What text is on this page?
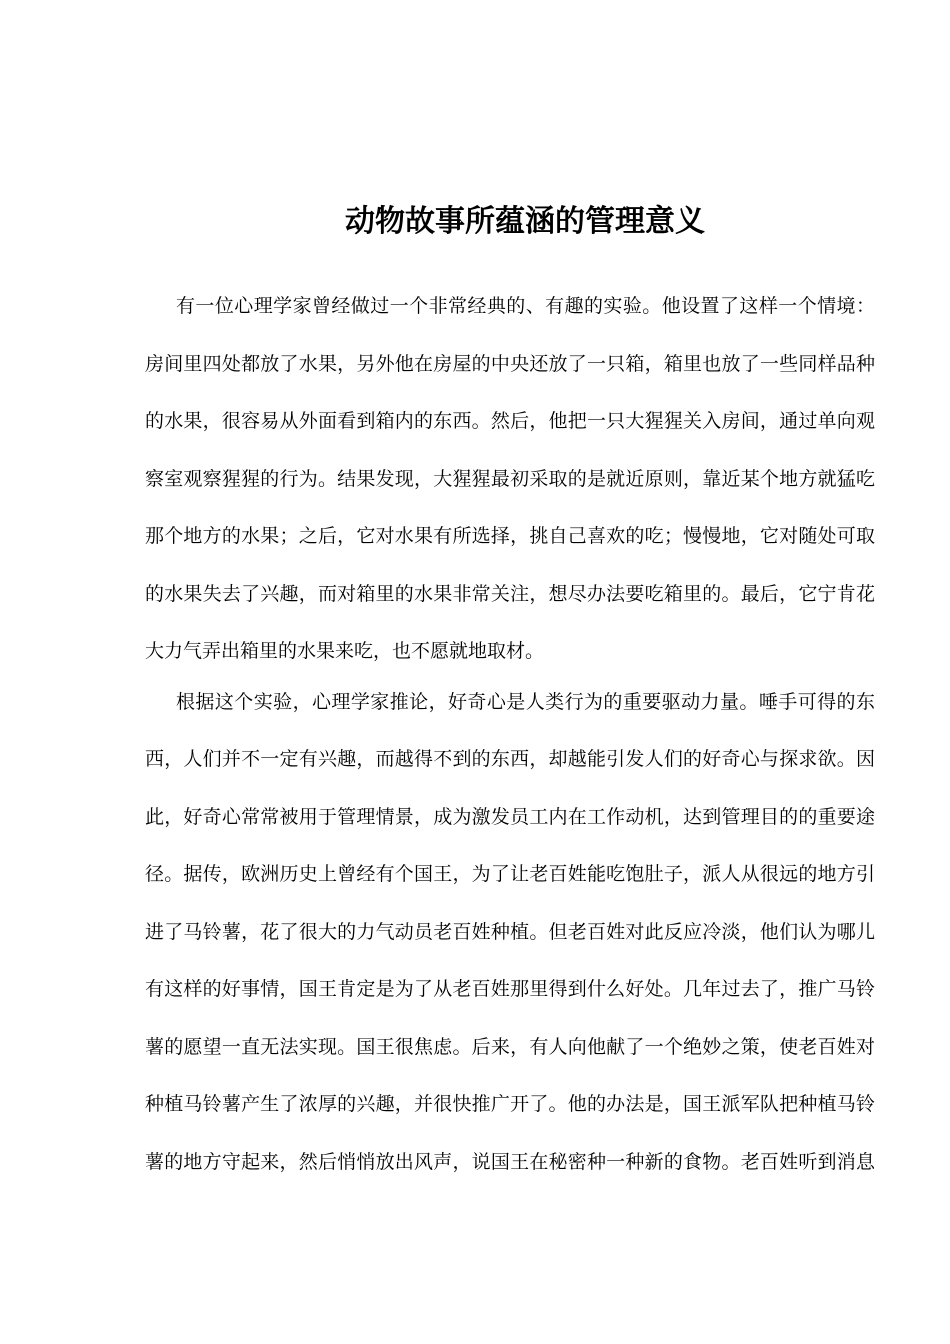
动物故事所蕴涵的管理意义
有一位心理学家曾经做过一个非常经典的、有趣的实验。他设置了这样一个情境：
房间里四处都放了水果，另外他在房屋的中央还放了一只箱，箱里也放了一些同样品种
的水果，很容易从外面看到箱内的东西。然后，他把一只大猩猩关入房间，通过单向观
察室观察猩猩的行为。结果发现，大猩猩最初采取的是就近原则，靠近某个地方就猛吃
那个地方的水果；之后，它对水果有所选择，挑自己喜欢的吃；慢慢地，它对随处可取
的水果失去了兴趣，而对箱里的水果非常关注，想尽办法要吃箱里的。最后，它宁肯花
大力气弄出箱里的水果来吃，也不愿就地取材。
根据这个实验，心理学家推论，好奇心是人类行为的重要驱动力量。唾手可得的东
西，人们并不一定有兴趣，而越得不到的东西，却越能引发人们的好奇心与探求欲。因
此，好奇心常常被用于管理情景，成为激发员工内在工作动机，达到管理目的的重要途
径。据传，欧洲历史上曾经有个国王，为了让老百姓能吃饱肚子，派人从很远的地方引
进了马铃薯，花了很大的力气动员老百姓种植。但老百姓对此反应冷淡，他们认为哪儿
有这样的好事情，国王肯定是为了从老百姓那里得到什么好处。几年过去了，推广马铃
薯的愿望一直无法实现。国王很焦虑。后来，有人向他献了一个绝妙之策，使老百姓对
种植马铃薯产生了浓厚的兴趣，并很快推广开了。他的办法是，国王派军队把种植马铃
薯的地方守起来，然后悄悄放出风声，说国王在秘密种一种新的食物。老百姓听到消息
